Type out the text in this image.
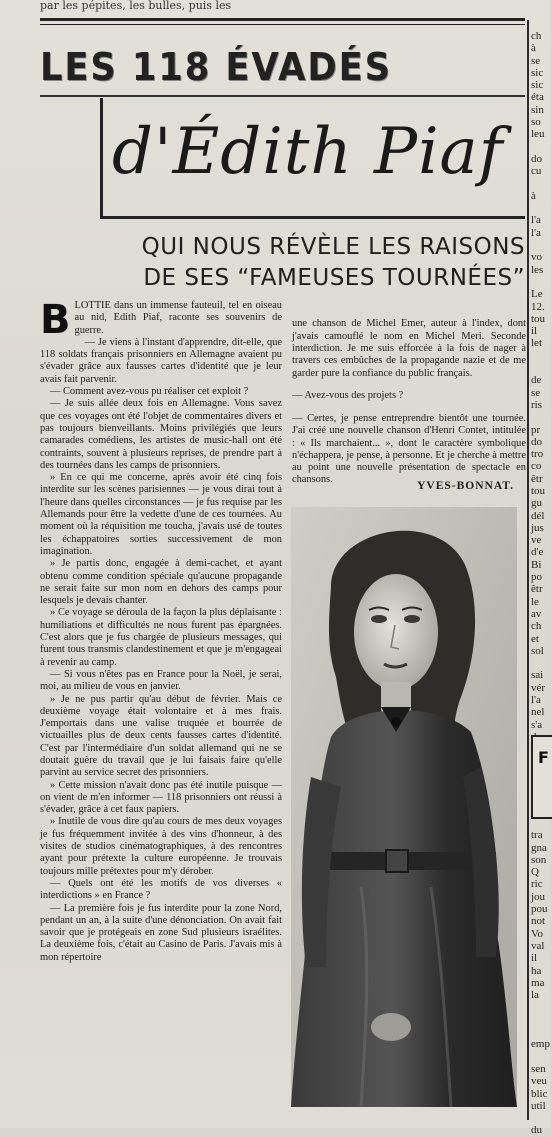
par les pépites, les bulles, puis les
LES 118 ÉVADÉS
d'Édith Piaf
QUI NOUS RÉVÈLE LES RAISONS
DE SES “FAMEUSES TOURNÉES”

BLOTTIE dans un immense fauteuil, tel en oiseau au nid, Edith Piaf, raconte ses souvenirs de guerre.

— Je viens à l'instant d'apprendre, dit-elle, que 118 soldats français prisonniers en Allemagne avaient pu s'évader grâce aux fausses cartes d'identité que je leur avais fait parvenir.

— Comment avez-vous pu réaliser cet exploit ?

— Je suis allée deux fois en Allemagne. Vous savez que ces voyages ont été l'objet de commentaires divers et pas toujours bienveillants. Moins privilégiés que leurs camarades comédiens, les artistes de music-hall ont été contraints, souvent à plusieurs reprises, de prendre part à des tournées dans les camps de prisonniers.

» En ce qui me concerne, après avoir été cinq fois interdite sur les scènes parisiennes — je vous dirai tout à l'heure dans quelles circonstances — je fus requise par les Allemands pour être la vedette d'une de ces tournées. Au moment où la réquisition me toucha, j'avais usé de toutes les échappatoires sorties successivement de mon imagination.

» Je partis donc, engagée à demi-cachet, et ayant obtenu comme condition spéciale qu'aucune propagande ne serait faite sur mon nom en dehors des camps pour lesquels je devais chanter.

» Ce voyage se déroula de la façon la plus déplaisante : humiliations et difficultés ne nous furent pas épargnées. C'est alors que je fus chargée de plusieurs messages, qui furent tous transmis clandestinement et que je m'engageai à revenir au camp.

— Si vous n'êtes pas en France pour la Noël, je serai, moi, au milieu de vous en janvier.

» Je ne pus partir qu'au début de février. Mais ce deuxième voyage était volontaire et à mes frais. J'emportais dans une valise truquée et bourrée de victuailles plus de deux cents fausses cartes d'identité. C'est par l'intermédiaire d'un soldat allemand qui ne se doutait guère du travail que je lui faisais faire qu'elle parvint au service secret des prisonniers.

» Cette mission n'avait donc pas été inutile puisque — on vient de m'en informer — 118 prisonniers ont réussi à s'évader, grâce à cet faux papiers.

» Inutile de vous dire qu'au cours de mes deux voyages je fus fréquemment invitée à des vins d'honneur, à des visites de studios cinématographiques, à des rencontres ayant pour prétexte la culture européenne. Je trouvais toujours mille prétextes pour m'y dérober.

— Quels ont été les motifs de vos diverses « interdictions » en France ?

— La première fois je fus interdite pour la zone Nord, pendant un an, à la suite d'une dénonciation. On avait fait savoir que je protégeais en zone Sud plusieurs israélites. La deuxième fois, c'était au Casino de Paris. J'avais mis à mon répertoire

une chanson de Michel Emer, auteur à l'index, dont j'avais camouflé le nom en Michel Meri. Seconde interdiction. Je me suis efforcée à la fois de nager à travers ces embûches de la propagande nazie et de me garder pure la confiance du public français.

— Avez-vous des projets ?

— Certes, je pense entreprendre bientôt une tournée. J'ai créé une nouvelle chanson d'Henri Contet, intitulée : « Ils marchaient... », dont le caractère symbolique n'échappera, je pense, à personne. Et je cherche à mettre au point une nouvelle présentation de spectacle en chansons.

YVES-BONNAT.
ch
à
se
sic
sic
éta
sin
so
leu
do
cu
à
l'a
l'a
vo
les
Le
12.
tou
il
let
de
se
ris
pr
do
tro
co
êtr
tou
gu
dél
jus
ve
d'e
Bi
po
êtr
le
av
ch
et
sol
sai
vér
l'a
nel
s'a
tra
gna
son
Q
ric
jou
pou
not
Vo
val
il
ha
ma
la
emp
sen
veu
blic
util
du
F
